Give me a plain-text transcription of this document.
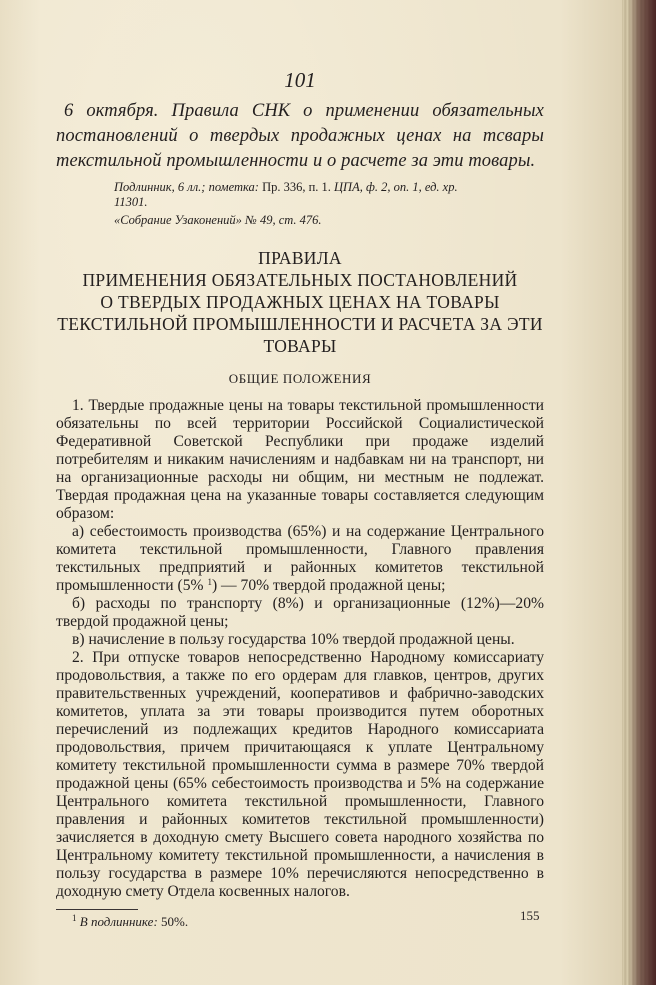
101
6 октября. Правила СНК о применении обязательных постановлений о твердых продажных ценах на тсвары текстильной промышленности и о расчете за эти товары.

Подлинник, 6 лл.; пометка: Пр. 336, п. 1. ЦПА, ф. 2, оп. 1, ед. хр.
11301.

«Собрание Узаконений» № 49, ст. 476.

ПРАВИЛА
ПРИМЕНЕНИЯ ОБЯЗАТЕЛЬНЫХ ПОСТАНОВЛЕНИЙ
О ТВЕРДЫХ ПРОДАЖНЫХ ЦЕНАХ НА ТОВАРЫ
ТЕКСТИЛЬНОЙ ПРОМЫШЛЕННОСТИ И РАСЧЕТА ЗА ЭТИ
ТОВАРЫ
ОБЩИЕ ПОЛОЖЕНИЯ

1. Твердые продажные цены на товары текстильной промышленности обязательны по всей территории Российской Социалистической Федеративной Советской Республики при продаже изделий потребителям и никаким начислениям и надбавкам ни на транспорт, ни на организационные расходы ни общим, ни местным не подлежат. Твердая продажная цена на указанные товары составляется следующим образом:

а) себестоимость производства (65%) и на содержание Центрального комитета текстильной промышленности, Главного правления текстильных предприятий и районных комитетов текстильной промышленности (5% $^1$) — 70% твердой продажной цены;

б) расходы по транспорту (8%) и организационные (12%)—20% твердой продажной цены;

в) начисление в пользу государства 10% твердой продажной цены.

2. При отпуске товаров непосредственно Народному комиссариату продовольствия, а также по его ордерам для главков, центров, других правительственных учреждений, кооперативов и фабрично-заводских комитетов, уплата за эти товары производится путем оборотных перечислений из подлежащих кредитов Народного комиссариата продовольствия, причем причитающаяся к уплате Центральному комитету текстильной промышленности сумма в размере 70% твердой продажной цены (65% себестоимость производства и 5% на содержание Центрального комитета текстильной промышленности, Главного правления и районных комитетов текстильной промышленности) зачисляется в доходную смету Высшего совета народного хозяйства по Центральному комитету текстильной промышленности, а начисления в пользу государства в размере 10% перечисляются непосредственно в доходную смету Отдела косвенных налогов.

$^1$ В подлиннике: 50%.	155
